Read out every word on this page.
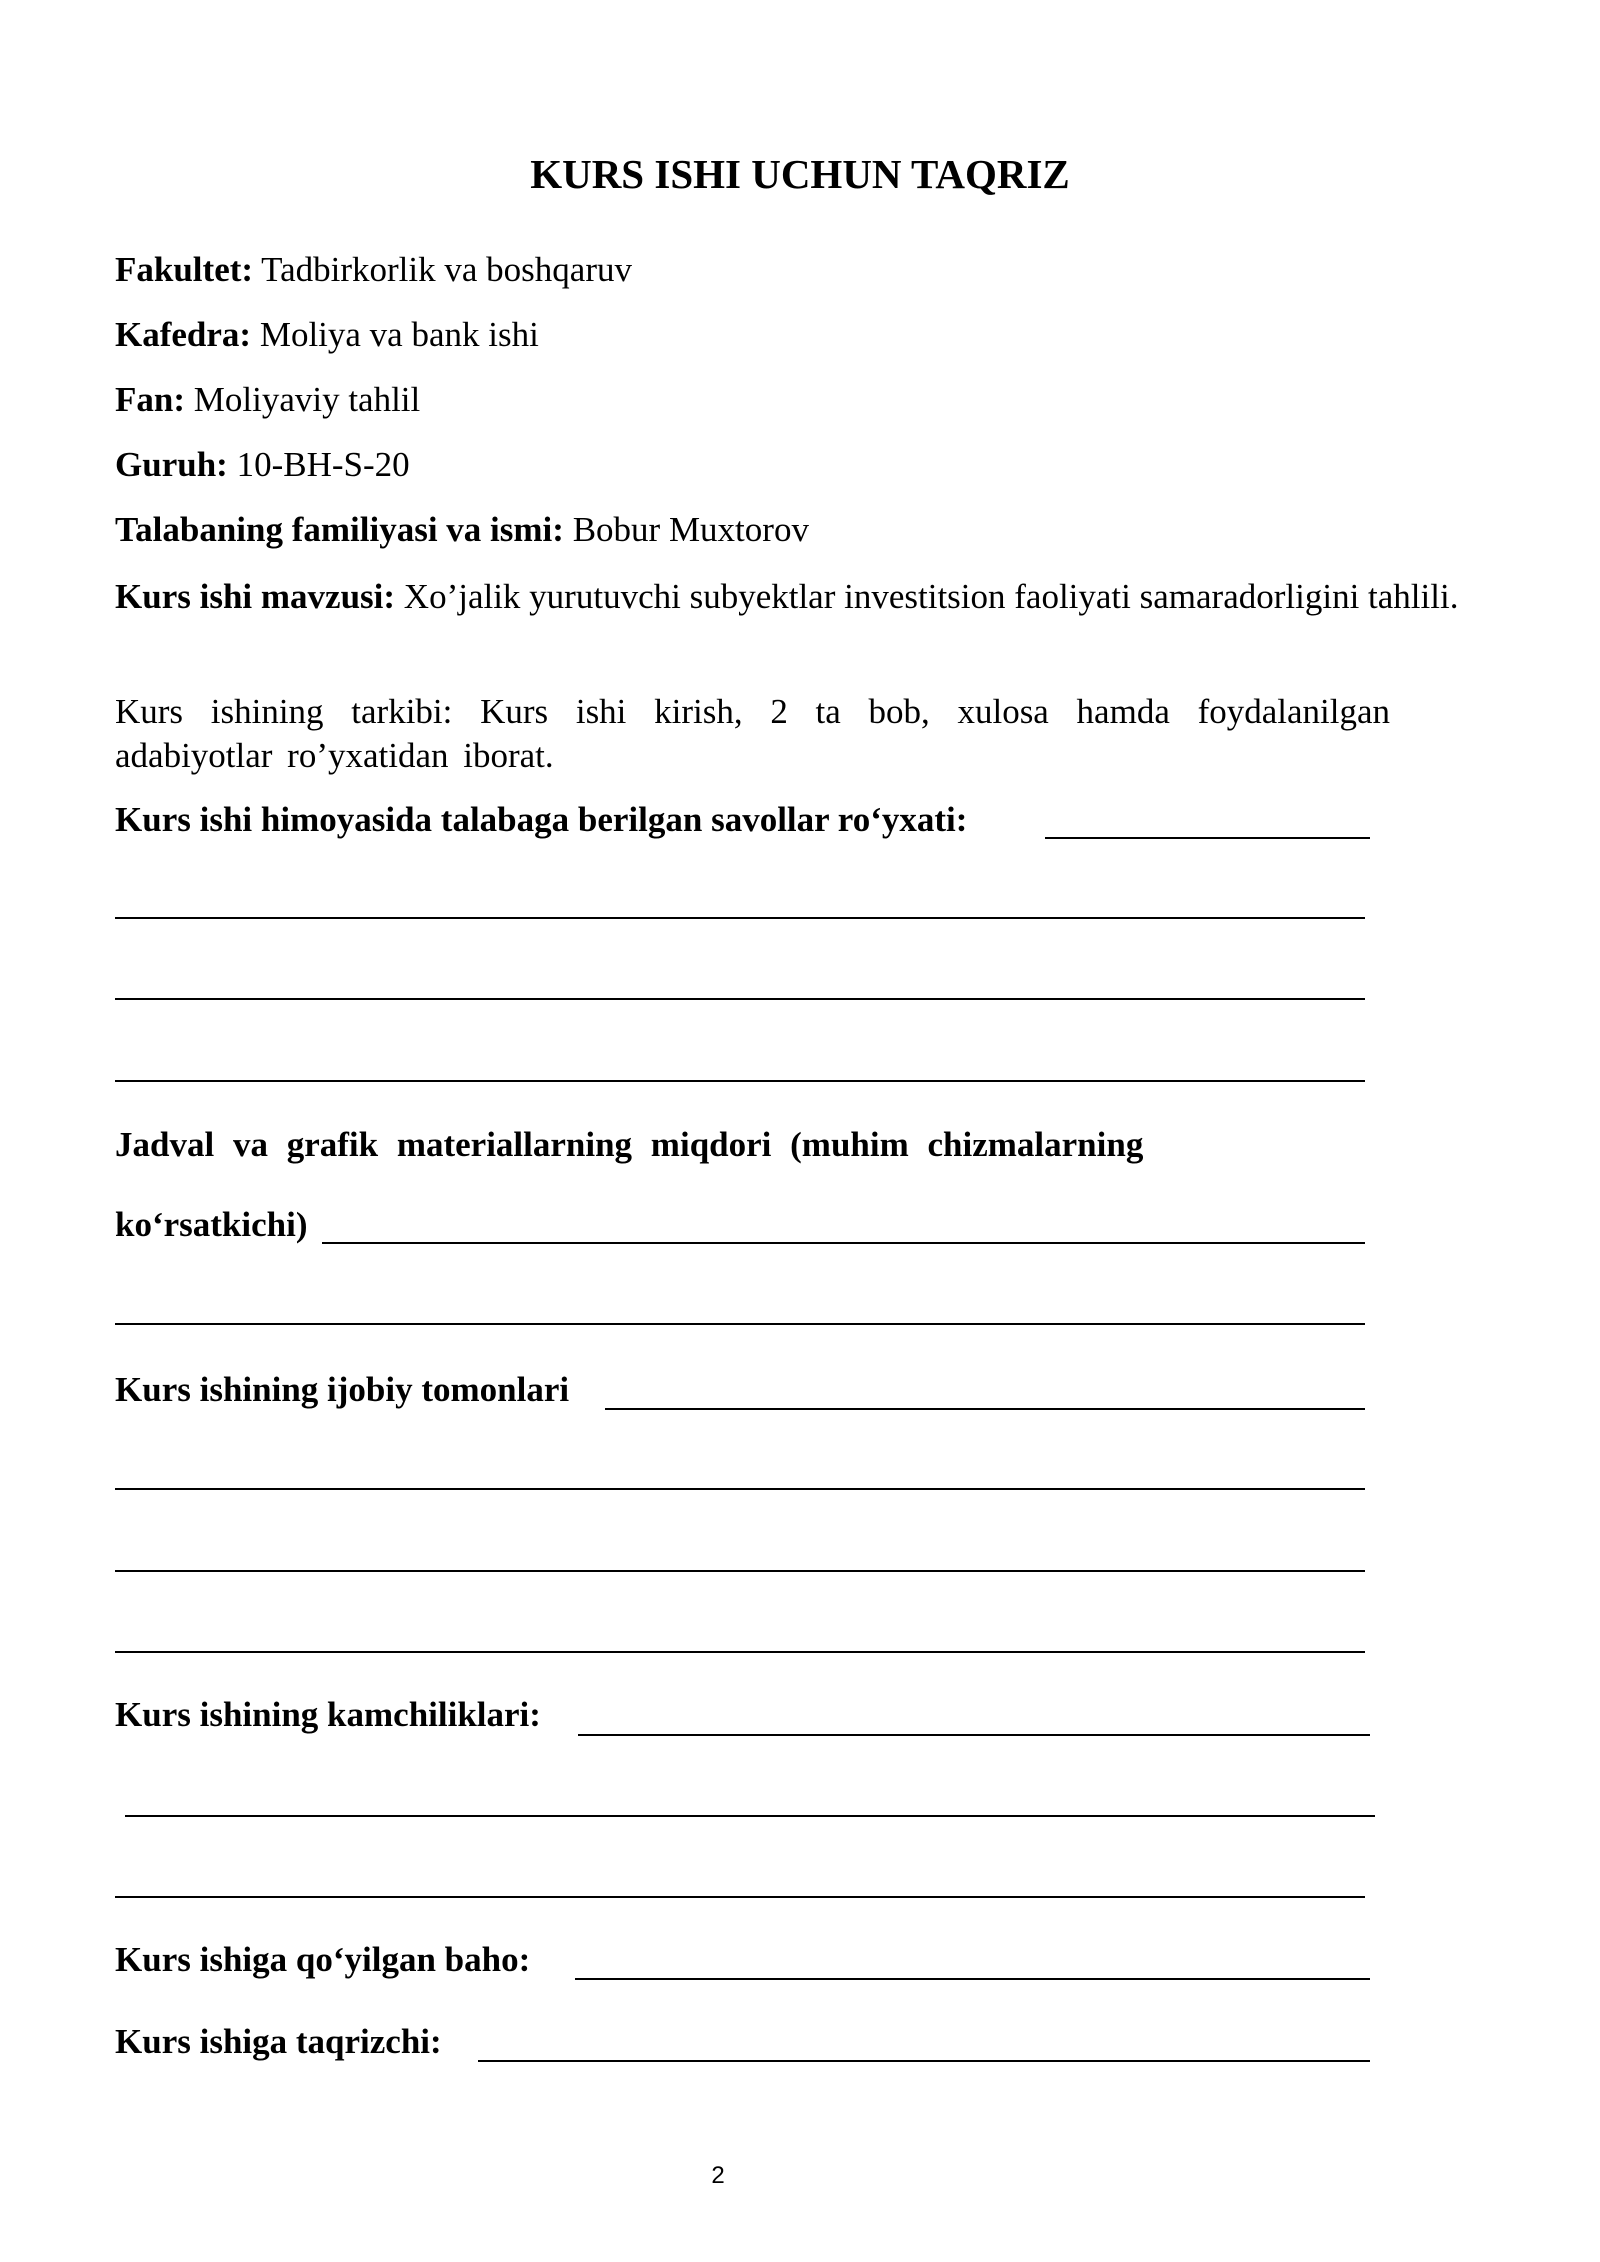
KURS ISHI UCHUN TAQRIZ
Fakultet: Tadbirkorlik va boshqaruv
Kafedra: Moliya va bank ishi
Fan: Moliyaviy tahlil
Guruh: 10-BH-S-20
Talabaning familiyasi va ismi: Bobur Muxtorov
Kurs ishi mavzusi: Xo’jalik yurutuvchi subyektlar investitsion faoliyati samaradorligini tahlili.
Kurs ishining tarkibi: Kurs ishi kirish, 2 ta bob, xulosa hamda foydalanilgan adabiyotlar ro’yxatidan iborat.
Kurs ishi himoyasida talabaga berilgan savollar ro‘yxati:
Jadval va grafik materiallarning miqdori (muhim chizmalarning
ko‘rsatkichi)
Kurs ishining ijobiy tomonlari
Kurs ishining kamchiliklari:
Kurs ishiga qo‘yilgan baho:
Kurs ishiga taqrizchi:
2
